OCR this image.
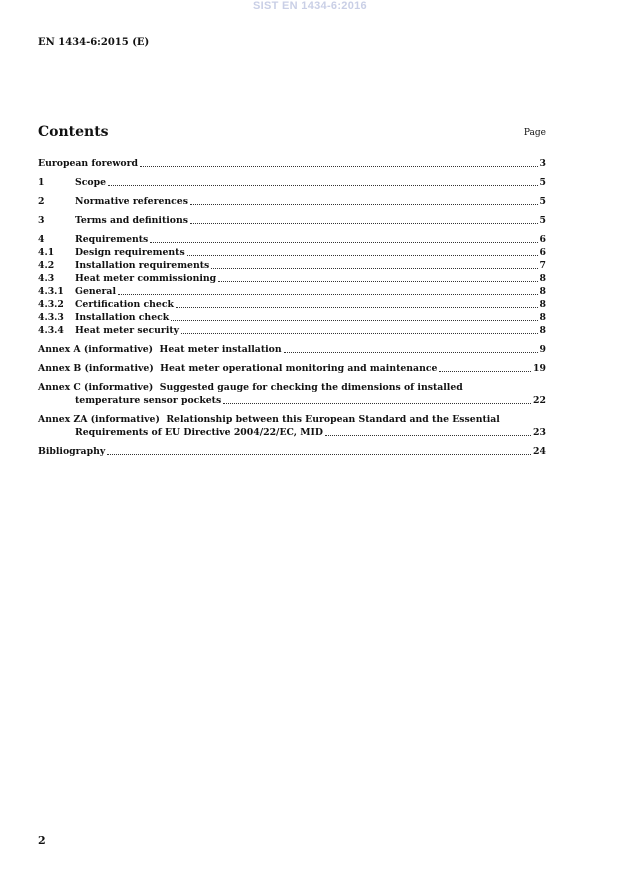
SIST EN 1434-6:2016
EN 1434-6:2015 (E)
Contents	Page
European foreword	3
1	Scope	5
2	Normative references	5
3	Terms and definitions	5
4	Requirements	6
4.1	Design requirements	6
4.2	Installation requirements	7
4.3	Heat meter commissioning	8
4.3.1	General	8
4.3.2	Certification check	8
4.3.3	Installation check	8
4.3.4	Heat meter security	8
Annex A (informative)  Heat meter installation	9
Annex B (informative)  Heat meter operational monitoring and maintenance	19
Annex C (informative)  Suggested gauge for checking the dimensions of installed
temperature sensor pockets	22
Annex ZA (informative)  Relationship between this European Standard and the Essential
Requirements of EU Directive 2004/22/EC, MID	23
Bibliography	24
2
